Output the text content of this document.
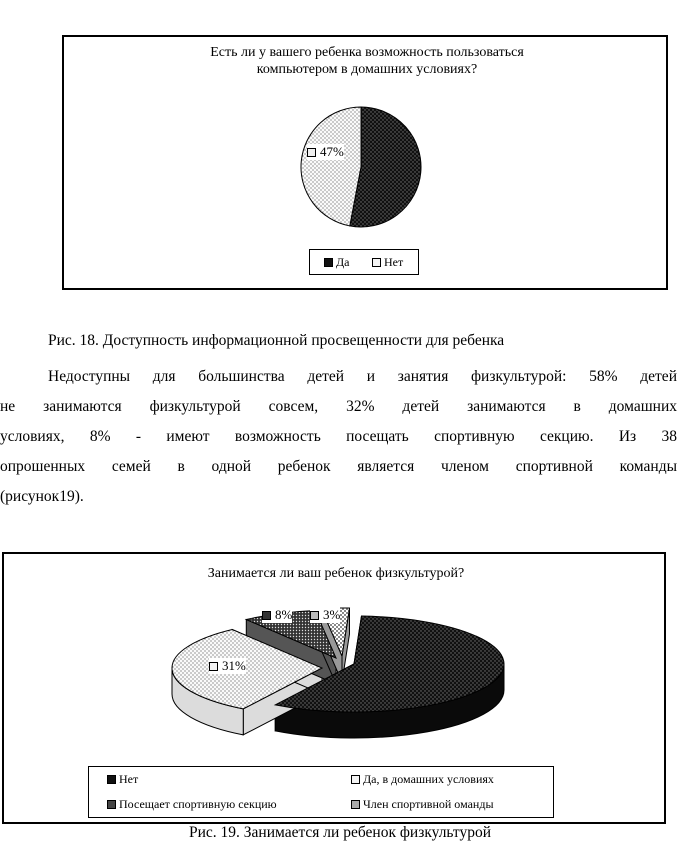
Есть ли у вашего ребенка возможность пользоваться
компьютером в домашних условиях?
47%
Да	Нет
Рис. 18. Доступность информационной просвещенности для ребенка
Недоступны для большинства детей и занятия физкультурой: 58% детей
не занимаются физкультурой совсем, 32% детей занимаются в домашних
условиях, 8% - имеют возможность посещать спортивную секцию. Из 38
опрошенных семей в одной ребенок является членом спортивной команды
(рисунок19).
Занимается ли ваш ребенок физкультурой?
31%
8% 3%
Нет	Да, в домашних условиях
Посещает спортивную секцию	Член спортивной оманды
Рис. 19. Занимается ли ребенок физкультурой
